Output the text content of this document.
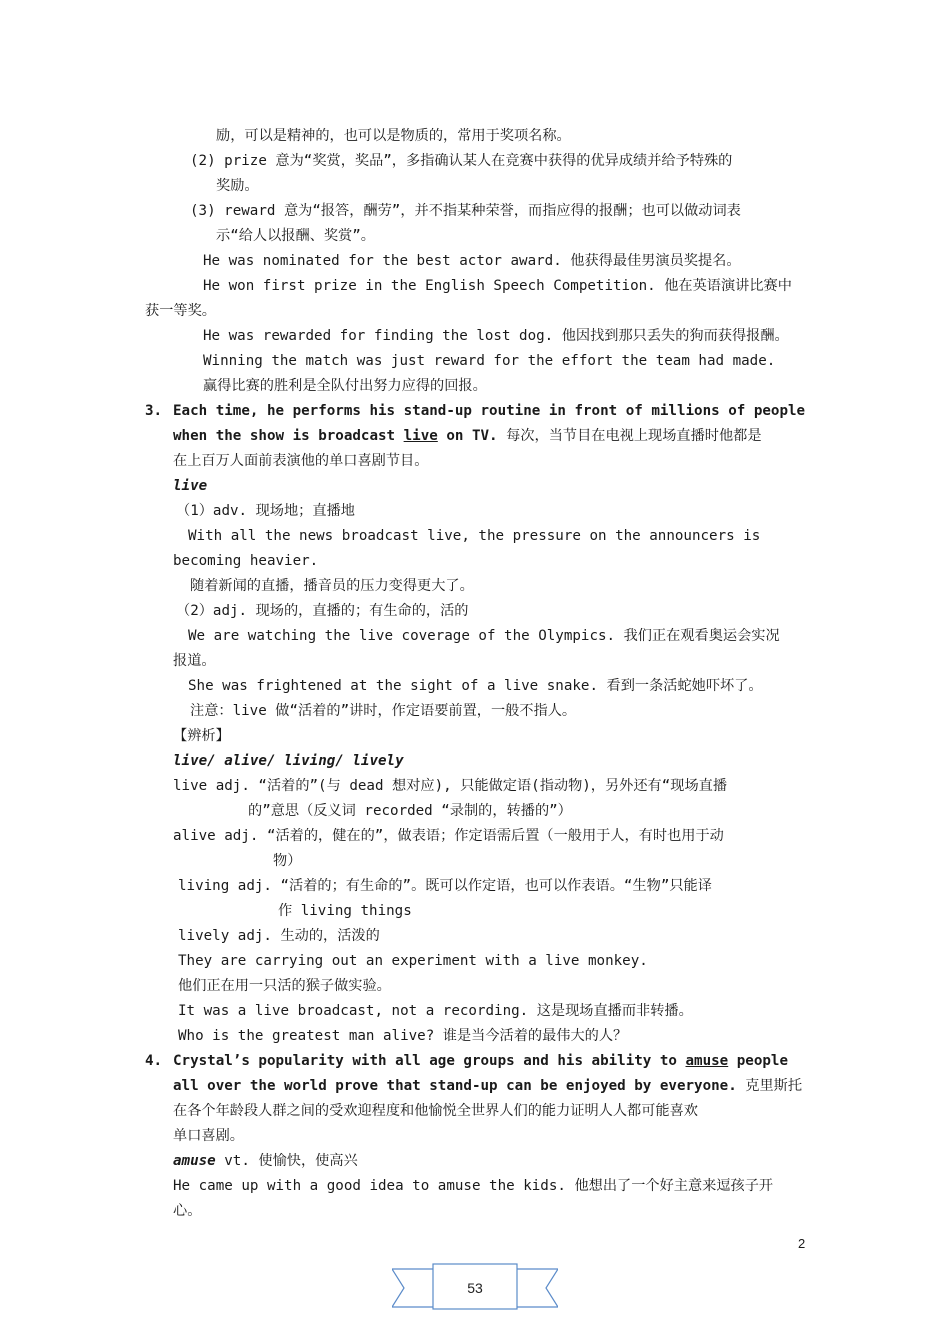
励，可以是精神的，也可以是物质的，常用于奖项名称。
(2) prize 意为“奖赏，奖品”，多指确认某人在竞赛中获得的优异成绩并给予特殊的
奖励。
(3) reward 意为“报答，酬劳”，并不指某种荣誉，而指应得的报酬；也可以做动词表
示“给人以报酬、奖赏”。
He was nominated for the best actor award. 他获得最佳男演员奖提名。
He won first prize in the English Speech Competition. 他在英语演讲比赛中
获一等奖。
He was rewarded for finding the lost dog. 他因找到那只丢失的狗而获得报酬。
Winning the match was just reward for the effort the team had made.
赢得比赛的胜利是全队付出努力应得的回报。
3. Each time, he performs his stand-up routine in front of millions of people
when the show is broadcast live on TV. 每次，当节目在电视上现场直播时他都是
在上百万人面前表演他的单口喜剧节目。
live
（1）adv. 现场地；直播地
With all the news broadcast live, the pressure on the announcers is
becoming heavier.
随着新闻的直播，播音员的压力变得更大了。
（2）adj. 现场的，直播的；有生命的，活的
We are watching the live coverage of the Olympics. 我们正在观看奥运会实况
报道。
She was frightened at the sight of a live snake. 看到一条活蛇她吓坏了。
注意：live 做“活着的”讲时，作定语要前置，一般不指人。
【辨析】
live/ alive/ living/ lively
live adj. “活着的”(与 dead 想对应), 只能做定语(指动物)，另外还有“现场直播
的”意思（反义词 recorded “录制的，转播的”）
alive adj. “活着的，健在的”，做表语；作定语需后置（一般用于人，有时也用于动
物）
living adj. “活着的；有生命的”。既可以作定语，也可以作表语。“生物”只能译
作 living things
lively adj. 生动的，活泼的
They are carrying out an experiment with a live monkey.
他们正在用一只活的猴子做实验。
It was a live broadcast, not a recording. 这是现场直播而非转播。
Who is the greatest man alive? 谁是当今活着的最伟大的人？
4. Crystal’s popularity with all age groups and his ability to amuse people
all over the world prove that stand-up can be enjoyed by everyone. 克里斯托
在各个年龄段人群之间的受欢迎程度和他愉悦全世界人们的能力证明人人都可能喜欢
单口喜剧。
amuse vt. 使愉快，使高兴
He came up with a good idea to amuse the kids. 他想出了一个好主意来逗孩子开
心。
2
53
